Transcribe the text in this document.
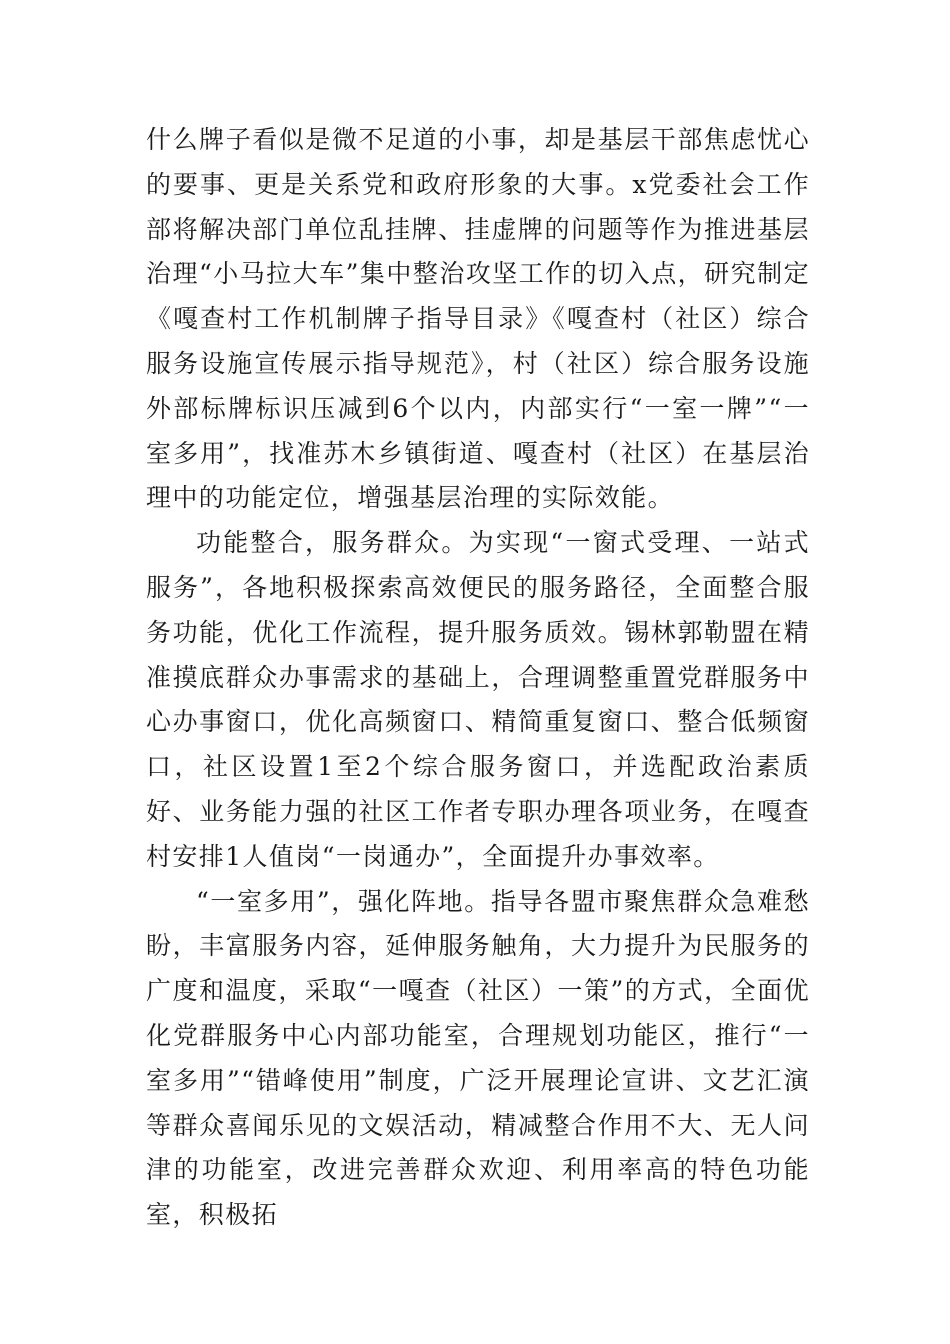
什么牌子看似是微不足道的小事，却是基层干部焦虑忧心的要事、更是关系党和政府形象的大事。x党委社会工作部将解决部门单位乱挂牌、挂虚牌的问题等作为推进基层治理“小马拉大车”集中整治攻坚工作的切入点，研究制定《嘎查村工作机制牌子指导目录》《嘎查村（社区）综合服务设施宣传展示指导规范》，村（社区）综合服务设施外部标牌标识压减到6个以内，内部实行“一室一牌”“一室多用”，找准苏木乡镇街道、嘎查村（社区）在基层治理中的功能定位，增强基层治理的实际效能。

功能整合，服务群众。为实现“一窗式受理、一站式服务”，各地积极探索高效便民的服务路径，全面整合服务功能，优化工作流程，提升服务质效。锡林郭勒盟在精准摸底群众办事需求的基础上，合理调整重置党群服务中心办事窗口，优化高频窗口、精简重复窗口、整合低频窗口，社区设置1至2个综合服务窗口，并选配政治素质好、业务能力强的社区工作者专职办理各项业务，在嘎查村安排1人值岗“一岗通办”，全面提升办事效率。

“一室多用”，强化阵地。指导各盟市聚焦群众急难愁盼，丰富服务内容，延伸服务触角，大力提升为民服务的广度和温度，采取“一嘎查（社区）一策”的方式，全面优化党群服务中心内部功能室，合理规划功能区，推行“一室多用”“错峰使用”制度，广泛开展理论宣讲、文艺汇演等群众喜闻乐见的文娱活动，精减整合作用不大、无人问津的功能室，改进完善群众欢迎、利用率高的特色功能室，积极拓
